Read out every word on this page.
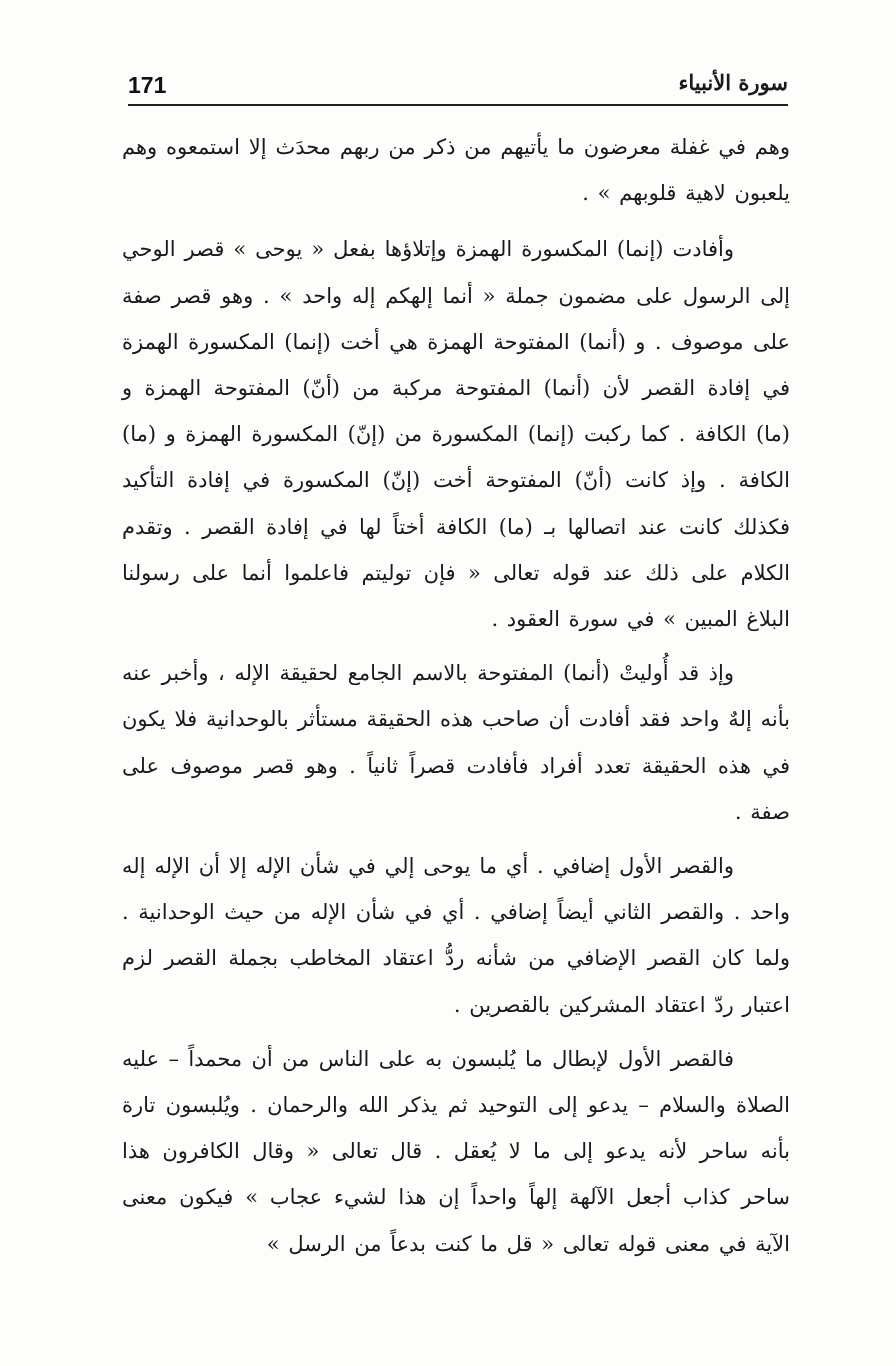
171	سورة الأنبياء

وهم في غفلة معرضون ما يأتيهم من ذكر من ربهم محدَث إلا استمعوه وهم يلعبون لاهية قلوبهم » .

وأفادت (إنما) المكسورة الهمزة وإتلاؤها بفعل « يوحى » قصر الوحي إلى الرسول على مضمون جملة « أنما إلهكم إله واحد » . وهو قصر صفة على موصوف . و (أنما) المفتوحة الهمزة هي أخت (إنما) المكسورة الهمزة في إفادة القصر لأن (أنما) المفتوحة مركبة من (أنّ) المفتوحة الهمزة و (ما) الكافة . كما ركبت (إنما) المكسورة من (إنّ) المكسورة الهمزة و (ما) الكافة . وإذ كانت (أنّ) المفتوحة أخت (إنّ) المكسورة في إفادة التأكيد فكذلك كانت عند اتصالها بـ (ما) الكافة أختاً لها في إفادة القصر . وتقدم الكلام على ذلك عند قوله تعالى « فإن توليتم فاعلموا أنما على رسولنا البلاغ المبين » في سورة العقود .

وإذ قد أُوليتْ (أنما) المفتوحة بالاسم الجامع لحقيقة الإله ، وأخبر عنه بأنه إلهٌ واحد فقد أفادت أن صاحب هذه الحقيقة مستأثر بالوحدانية فلا يكون في هذه الحقيقة تعدد أفراد فأفادت قصراً ثانياً . وهو قصر موصوف على صفة .

والقصر الأول إضافي . أي ما يوحى إلي في شأن الإله إلا أن الإله إله واحد . والقصر الثاني أيضاً إضافي . أي في شأن الإله من حيث الوحدانية . ولما كان القصر الإضافي من شأنه ردُّ اعتقاد المخاطب بجملة القصر لزم اعتبار ردّ اعتقاد المشركين بالقصرين .

فالقصر الأول لإبطال ما يُلبسون به على الناس من أن محمداً – عليه الصلاة والسلام – يدعو إلى التوحيد ثم يذكر الله والرحمان . ويُلبسون تارة بأنه ساحر لأنه يدعو إلى ما لا يُعقل . قال تعالى « وقال الكافرون هذا ساحر كذاب أجعل الآلهة إلهاً واحداً إن هذا لشيء عجاب » فيكون معنى الآية في معنى قوله تعالى « قل ما كنت بدعاً من الرسل »
